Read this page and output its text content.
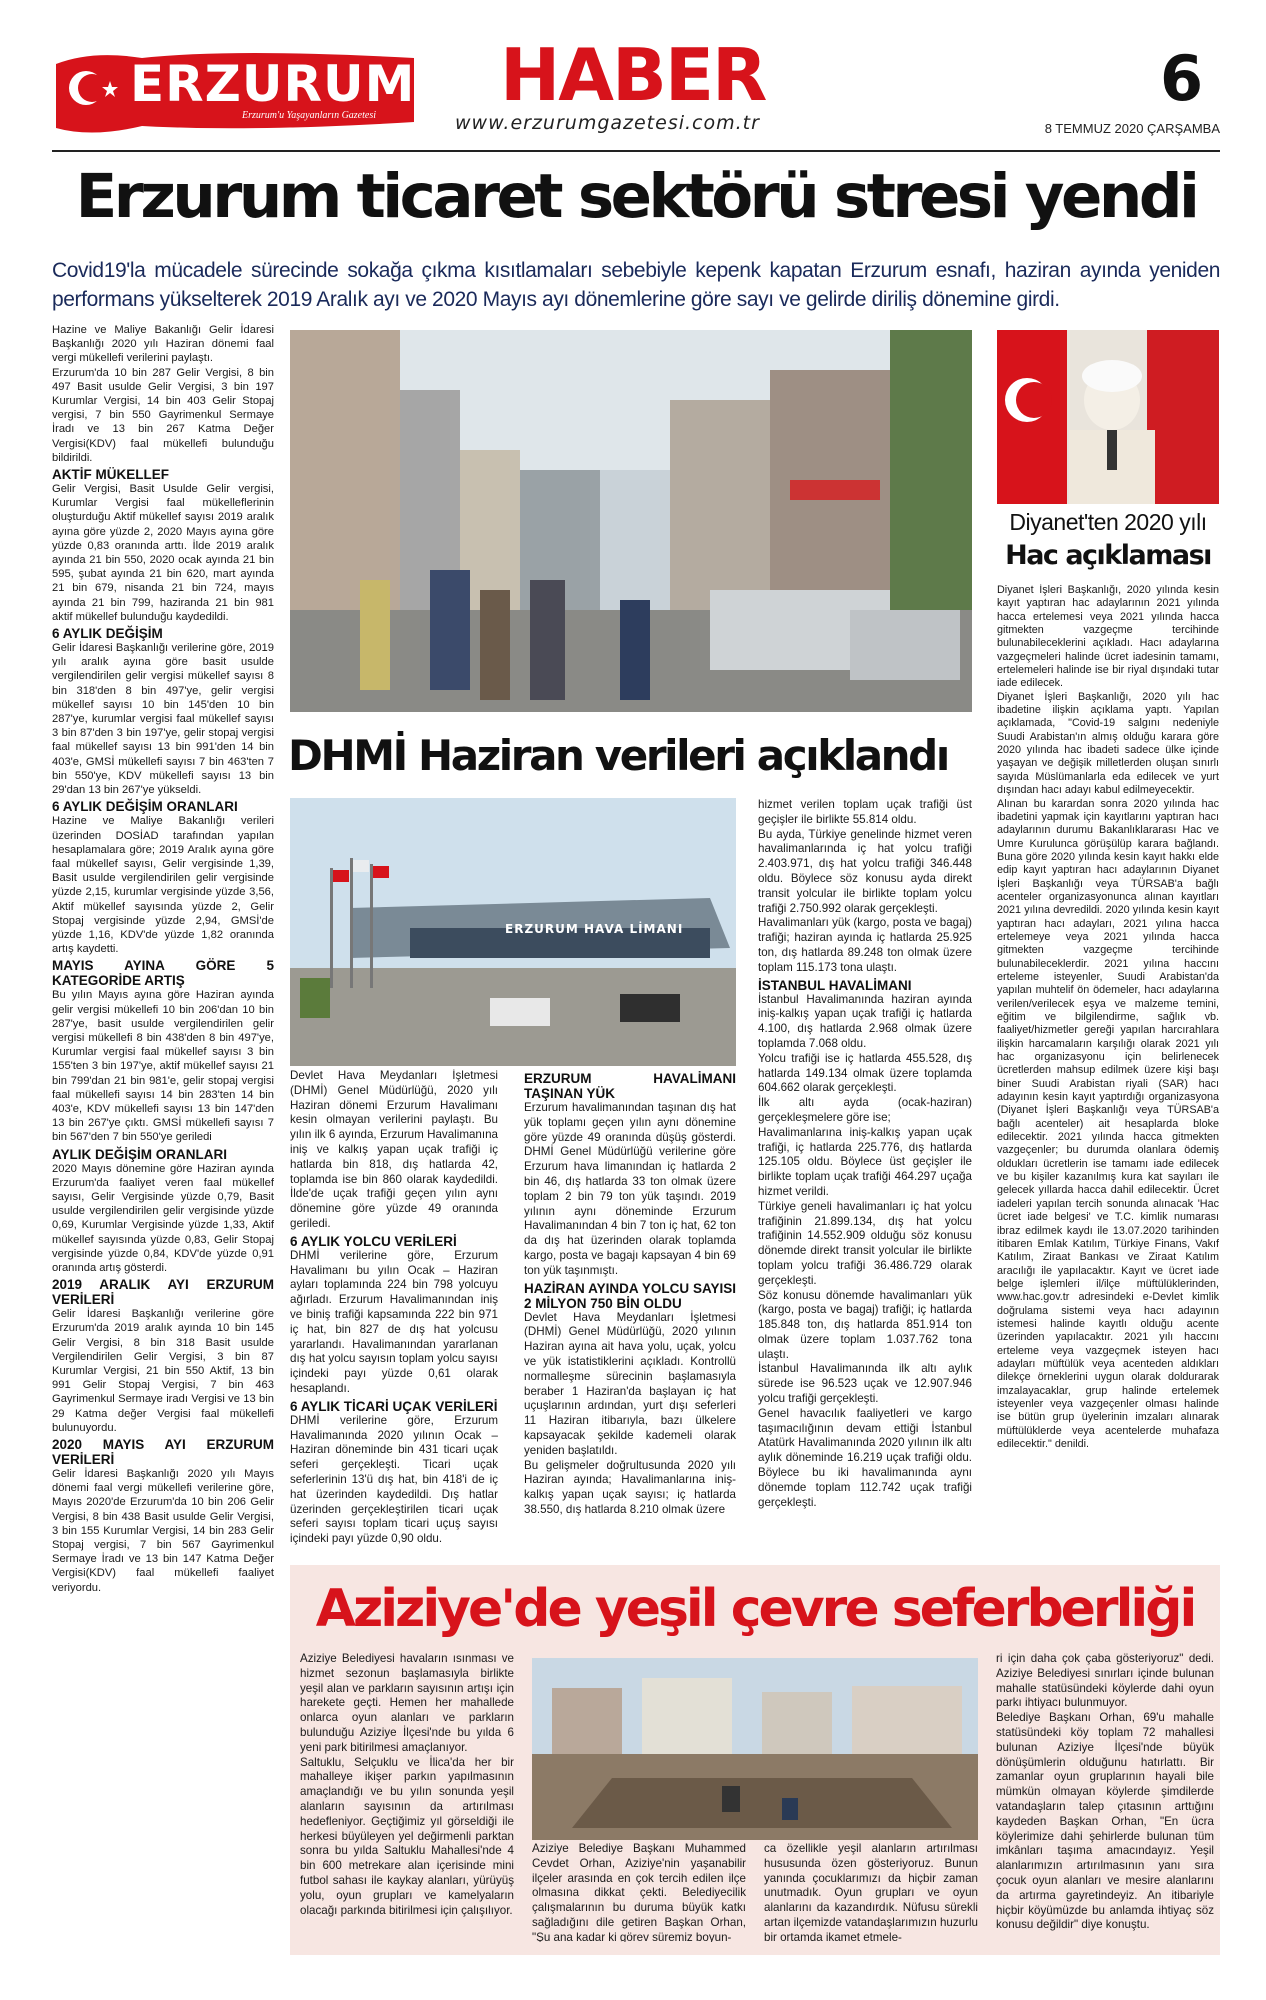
ERZURUM
Erzurum'u Yaşayanların Gazetesi HABER
www.erzurumgazetesi.com.tr
6
8 TEMMUZ 2020 ÇARŞAMBA
Erzurum ticaret sektörü stresi yendi
Covid19'la mücadele sürecinde sokağa çıkma kısıtlamaları sebebiyle kepenk kapatan Erzurum esnafı, haziran ayında yeniden performans yükselterek 2019 Aralık ayı ve 2020 Mayıs ayı dönemlerine göre sayı ve gelirde diriliş dönemine girdi.

Hazine ve Maliye Bakanlığı Gelir İdaresi Başkanlığı 2020 yılı Haziran dönemi faal vergi mükellefi verilerini paylaştı.

Erzurum'da 10 bin 287 Gelir Vergisi, 8 bin 497 Basit usulde Gelir Vergisi, 3 bin 197 Kurumlar Vergisi, 14 bin 403 Gelir Stopaj vergisi, 7 bin 550 Gayrimenkul Sermaye İradı ve 13 bin 267 Katma Değer Vergisi(KDV) faal mükellefi bulunduğu bildirildi.

AKTİF MÜKELLEF

Gelir Vergisi, Basit Usulde Gelir vergisi, Kurumlar Vergisi faal mükelleflerinin oluşturduğu Aktif mükellef sayısı 2019 aralık ayına göre yüzde 2, 2020 Mayıs ayına göre yüzde 0,83 oranında arttı. İlde 2019 aralık ayında 21 bin 550, 2020 ocak ayında 21 bin 595, şubat ayında 21 bin 620, mart ayında 21 bin 679, nisanda 21 bin 724, mayıs ayında 21 bin 799, haziranda 21 bin 981 aktif mükellef bulunduğu kaydedildi.

6 AYLIK DEĞİŞİM

Gelir İdaresi Başkanlığı verilerine göre, 2019 yılı aralık ayına göre basit usulde vergilendirilen gelir vergisi mükellef sayısı 8 bin 318'den 8 bin 497'ye, gelir vergisi mükellef sayısı 10 bin 145'den 10 bin 287'ye, kurumlar vergisi faal mükellef sayısı 3 bin 87'den 3 bin 197'ye, gelir stopaj vergisi faal mükellef sayısı 13 bin 991'den 14 bin 403'e, GMSİ mükellefi sayısı 7 bin 463'ten 7 bin 550'ye, KDV mükellefi sayısı 13 bin 29'dan 13 bin 267'ye yükseldi.

6 AYLIK DEĞİŞİM ORANLARI

Hazine ve Maliye Bakanlığı verileri üzerinden DOSİAD tarafından yapılan hesaplamalara göre; 2019 Aralık ayına göre faal mükellef sayısı, Gelir vergisinde 1,39, Basit usulde vergilendirilen gelir vergisinde yüzde 2,15, kurumlar vergisinde yüzde 3,56, Aktif mükellef sayısında yüzde 2, Gelir Stopaj vergisinde yüzde 2,94, GMSİ'de yüzde 1,16, KDV'de yüzde 1,82 oranında artış kaydetti.

MAYIS AYINA GÖRE 5 KATEGORİDE ARTIŞ

Bu yılın Mayıs ayına göre Haziran ayında gelir vergisi mükellefi 10 bin 206'dan 10 bin 287'ye, basit usulde vergilendirilen gelir vergisi mükellefi 8 bin 438'den 8 bin 497'ye, Kurumlar vergisi faal mükellef sayısı 3 bin 155'ten 3 bin 197'ye, aktif mükellef sayısı 21 bin 799'dan 21 bin 981'e, gelir stopaj vergisi faal mükellefi sayısı 14 bin 283'ten 14 bin 403'e, KDV mükellefi sayısı 13 bin 147'den 13 bin 267'ye çıktı. GMSİ mükellefi sayısı 7 bin 567'den 7 bin 550'ye geriledi

AYLIK DEĞİŞİM ORANLARI

2020 Mayıs dönemine göre Haziran ayında Erzurum'da faaliyet veren faal mükellef sayısı, Gelir Vergisinde yüzde 0,79, Basit usulde vergilendirilen gelir vergisinde yüzde 0,69, Kurumlar Vergisinde yüzde 1,33, Aktif mükellef sayısında yüzde 0,83, Gelir Stopaj vergisinde yüzde 0,84, KDV'de yüzde 0,91 oranında artış gösterdi.

2019 ARALIK AYI ERZURUM VERİLERİ

Gelir İdaresi Başkanlığı verilerine göre Erzurum'da 2019 aralık ayında 10 bin 145 Gelir Vergisi, 8 bin 318 Basit usulde Vergilendirilen Gelir Vergisi, 3 bin 87 Kurumlar Vergisi, 21 bin 550 Aktif, 13 bin 991 Gelir Stopaj Vergisi, 7 bin 463 Gayrimenkul Sermaye iradı Vergisi ve 13 bin 29 Katma değer Vergisi faal mükellefi bulunuyordu.

2020 MAYIS AYI ERZURUM VERİLERİ

Gelir İdaresi Başkanlığı 2020 yılı Mayıs dönemi faal vergi mükellefi verilerine göre, Mayıs 2020'de Erzurum'da 10 bin 206 Gelir Vergisi, 8 bin 438 Basit usulde Gelir Vergisi, 3 bin 155 Kurumlar Vergisi, 14 bin 283 Gelir Stopaj vergisi, 7 bin 567 Gayrimenkul Sermaye İradı ve 13 bin 147 Katma Değer Vergisi(KDV) faal mükellefi faaliyet veriyordu.

DHMİ Haziran verileri açıklandı
ERZURUM HAVA LİMANI

Devlet Hava Meydanları İşletmesi (DHMİ) Genel Müdürlüğü, 2020 yılı Haziran dönemi Erzurum Havalimanı kesin olmayan verilerini paylaştı. Bu yılın ilk 6 ayında, Erzurum Havalimanına iniş ve kalkış yapan uçak trafiği iç hatlarda bin 818, dış hatlarda 42, toplamda ise bin 860 olarak kaydedildi. İlde'de uçak trafiği geçen yılın aynı dönemine göre yüzde 49 oranında geriledi.

6 AYLIK YOLCU VERİLERİ

DHMİ verilerine göre, Erzurum Havalimanı bu yılın Ocak – Haziran ayları toplamında 224 bin 798 yolcuyu ağırladı. Erzurum Havalimanından iniş ve biniş trafiği kapsamında 222 bin 971 iç hat, bin 827 de dış hat yolcusu yararlandı. Havalimanından yararlanan dış hat yolcu sayısın toplam yolcu sayısı içindeki payı yüzde 0,61 olarak hesaplandı.

6 AYLIK TİCARİ UÇAK VERİLERİ

DHMİ verilerine göre, Erzurum Havalimanında 2020 yılının Ocak – Haziran döneminde bin 431 ticari uçak seferi gerçekleşti. Ticari uçak seferlerinin 13'ü dış hat, bin 418'i de iç hat üzerinden kaydedildi. Dış hatlar üzerinden gerçekleştirilen ticari uçak seferi sayısı toplam ticari uçuş sayısı içindeki payı yüzde 0,90 oldu.

ERZURUM HAVALİMANI TAŞINAN YÜK

Erzurum havalimanından taşınan dış hat yük toplamı geçen yılın aynı dönemine göre yüzde 49 oranında düşüş gösterdi. DHMİ Genel Müdürlüğü verilerine göre Erzurum hava limanından iç hatlarda 2 bin 46, dış hatlarda 33 ton olmak üzere toplam 2 bin 79 ton yük taşındı. 2019 yılının aynı döneminde Erzurum Havalimanından 4 bin 7 ton iç hat, 62 ton da dış hat üzerinden olarak toplamda kargo, posta ve bagajı kapsayan 4 bin 69 ton yük taşınmıştı.

HAZİRAN AYINDA YOLCU SAYISI 2 MİLYON 750 BİN OLDU

Devlet Hava Meydanları İşletmesi (DHMİ) Genel Müdürlüğü, 2020 yılının Haziran ayına ait hava yolu, uçak, yolcu ve yük istatistiklerini açıkladı. Kontrollü normalleşme sürecinin başlamasıyla beraber 1 Haziran'da başlayan iç hat uçuşlarının ardından, yurt dışı seferleri 11 Haziran itibarıyla, bazı ülkelere kapsayacak şekilde kademeli olarak yeniden başlatıldı.

Bu gelişmeler doğrultusunda 2020 yılı Haziran ayında; Havalimanlarına iniş-kalkış yapan uçak sayısı; iç hatlarda 38.550, dış hatlarda 8.210 olmak üzere

hizmet verilen toplam uçak trafiği üst geçişler ile birlikte 55.814 oldu.

Bu ayda, Türkiye genelinde hizmet veren havalimanlarında iç hat yolcu trafiği 2.403.971, dış hat yolcu trafiği 346.448 oldu. Böylece söz konusu ayda direkt transit yolcular ile birlikte toplam yolcu trafiği 2.750.992 olarak gerçekleşti.

Havalimanları yük (kargo, posta ve bagaj) trafiği; haziran ayında iç hatlarda 25.925 ton, dış hatlarda 89.248 ton olmak üzere toplam 115.173 tona ulaştı.

İSTANBUL HAVALİMANI

İstanbul Havalimanında haziran ayında iniş-kalkış yapan uçak trafiği iç hatlarda 4.100, dış hatlarda 2.968 olmak üzere toplamda 7.068 oldu.

Yolcu trafiği ise iç hatlarda 455.528, dış hatlarda 149.134 olmak üzere toplamda 604.662 olarak gerçekleşti.

İlk altı ayda (ocak-haziran) gerçekleşmelere göre ise;

Havalimanlarına iniş-kalkış yapan uçak trafiği, iç hatlarda 225.776, dış hatlarda 125.105 oldu. Böylece üst geçişler ile birlikte toplam uçak trafiği 464.297 uçağa hizmet verildi.

Türkiye geneli havalimanları iç hat yolcu trafiğinin 21.899.134, dış hat yolcu trafiğinin 14.552.909 olduğu söz konusu dönemde direkt transit yolcular ile birlikte toplam yolcu trafiği 36.486.729 olarak gerçekleşti.

Söz konusu dönemde havalimanları yük (kargo, posta ve bagaj) trafiği; iç hatlarda 185.848 ton, dış hatlarda 851.914 ton olmak üzere toplam 1.037.762 tona ulaştı.

İstanbul Havalimanında ilk altı aylık sürede ise 96.523 uçak ve 12.907.946 yolcu trafiği gerçekleşti.

Genel havacılık faaliyetleri ve kargo taşımacılığının devam ettiği İstanbul Atatürk Havalimanında 2020 yılının ilk altı aylık döneminde 16.219 uçak trafiği oldu. Böylece bu iki havalimanında aynı dönemde toplam 112.742 uçak trafiği gerçekleşti.

Diyanet'ten 2020 yılı
Hac açıklaması

Diyanet İşleri Başkanlığı, 2020 yılında kesin kayıt yaptıran hac adaylarının 2021 yılında hacca ertelemesi veya 2021 yılında hacca gitmekten vazgeçme tercihinde bulunabileceklerini açıkladı. Hacı adaylarına vazgeçmeleri halinde ücret iadesinin tamamı, ertelemeleri halinde ise bir riyal dışındaki tutar iade edilecek.

Diyanet İşleri Başkanlığı, 2020 yılı hac ibadetine ilişkin açıklama yaptı. Yapılan açıklamada, "Covid-19 salgını nedeniyle Suudi Arabistan'ın almış olduğu karara göre 2020 yılında hac ibadeti sadece ülke içinde yaşayan ve değişik milletlerden oluşan sınırlı sayıda Müslümanlarla eda edilecek ve yurt dışından hacı adayı kabul edilmeyecektir.

Alınan bu karardan sonra 2020 yılında hac ibadetini yapmak için kayıtlarını yaptıran hacı adaylarının durumu Bakanlıklararası Hac ve Umre Kurulunca görüşülüp karara bağlandı. Buna göre 2020 yılında kesin kayıt hakkı elde edip kayıt yaptıran hacı adaylarının Diyanet İşleri Başkanlığı veya TÜRSAB'a bağlı acenteler organizasyonunca alınan kayıtları 2021 yılına devredildi. 2020 yılında kesin kayıt yaptıran hacı adayları, 2021 yılına hacca ertelemeye veya 2021 yılında hacca gitmekten vazgeçme tercihinde bulunabileceklerdir. 2021 yılına haccını erteleme isteyenler, Suudi Arabistan'da yapılan muhtelif ön ödemeler, hacı adaylarına verilen/verilecek eşya ve malzeme temini, eğitim ve bilgilendirme, sağlık vb. faaliyet/hizmetler gereği yapılan harcırahlara ilişkin harcamaların karşılığı olarak 2021 yılı hac organizasyonu için belirlenecek ücretlerden mahsup edilmek üzere kişi başı biner Suudi Arabistan riyali (SAR) hacı adayının kesin kayıt yaptırdığı organizasyona (Diyanet İşleri Başkanlığı veya TÜRSAB'a bağlı acenteler) ait hesaplarda bloke edilecektir. 2021 yılında hacca gitmekten vazgeçenler; bu durumda olanlara ödemiş oldukları ücretlerin ise tamamı iade edilecek ve bu kişiler kazanılmış kura kat sayıları ile gelecek yıllarda hacca dahil edilecektir. Ücret iadeleri yapılan tercih sonunda alınacak 'Hac ücret iade belgesi' ve T.C. kimlik numarası ibraz edilmek kaydı ile 13.07.2020 tarihinden itibaren Emlak Katılım, Türkiye Finans, Vakıf Katılım, Ziraat Bankası ve Ziraat Katılım aracılığı ile yapılacaktır. Kayıt ve ücret iade belge işlemleri il/ilçe müftülüklerinden, www.hac.gov.tr adresindeki e-Devlet kimlik doğrulama sistemi veya hacı adayının istemesi halinde kayıtlı olduğu acente üzerinden yapılacaktır. 2021 yılı haccını erteleme veya vazgeçmek isteyen hacı adayları müftülük veya acenteden aldıkları dilekçe örneklerini uygun olarak doldurarak imzalayacaklar, grup halinde ertelemek isteyenler veya vazgeçenler olması halinde ise bütün grup üyelerinin imzaları alınarak müftülüklerde veya acentelerde muhafaza edilecektir." denildi.

Aziziye'de yeşil çevre seferberliği

Aziziye Belediyesi havaların ısınması ve hizmet sezonun başlamasıyla birlikte yeşil alan ve parkların sayısının artışı için harekete geçti. Hemen her mahallede onlarca oyun alanları ve parkların bulunduğu Aziziye İlçesi'nde bu yılda 6 yeni park bitirilmesi amaçlanıyor.

Saltuklu, Selçuklu ve İlica'da her bir mahalleye ikişer parkın yapılmasının amaçlandığı ve bu yılın sonunda yeşil alanların sayısının da artırılması hedefleniyor. Geçtiğimiz yıl görseldiği ile herkesi büyüleyen yel değirmenli parktan sonra bu yılda Saltuklu Mahallesi'nde 4 bin 600 metrekare alan içerisinde mini futbol sahası ile kaykay alanları, yürüyüş yolu, oyun grupları ve kamelyaların olacağı parkında bitirilmesi için çalışılıyor.

Aziziye Belediye Başkanı Muhammed Cevdet Orhan, Aziziye'nin yaşanabilir ilçeler arasında en çok tercih edilen ilçe olmasına dikkat çekti. Belediyecilik çalışmalarının bu duruma büyük katkı sağladığını dile getiren Başkan Orhan, "Şu ana kadar ki görev süremiz boyun-

ca özellikle yeşil alanların artırılması hususunda özen gösteriyoruz. Bunun yanında çocuklarımızı da hiçbir zaman unutmadık. Oyun grupları ve oyun alanlarını da kazandırdık. Nüfusu sürekli artan ilçemizde vatandaşlarımızın huzurlu bir ortamda ikamet etmele-

ri için daha çok çaba gösteriyoruz" dedi. Aziziye Belediyesi sınırları içinde bulunan mahalle statüsündeki köylerde dahi oyun parkı ihtiyacı bulunmuyor.

Belediye Başkanı Orhan, 69'u mahalle statüsündeki köy toplam 72 mahallesi bulunan Aziziye İlçesi'nde büyük dönüşümlerin olduğunu hatırlattı. Bir zamanlar oyun gruplarının hayali bile mümkün olmayan köylerde şimdilerde vatandaşların talep çıtasının arttığını kaydeden Başkan Orhan, "En ücra köylerimize dahi şehirlerde bulunan tüm imkânları taşıma amacındayız. Yeşil alanlarımızın artırılmasının yanı sıra çocuk oyun alanları ve mesire alanlarını da artırma gayretindeyiz. An itibariyle hiçbir köyümüzde bu anlamda ihtiyaç söz konusu değildir" diye konuştu.
